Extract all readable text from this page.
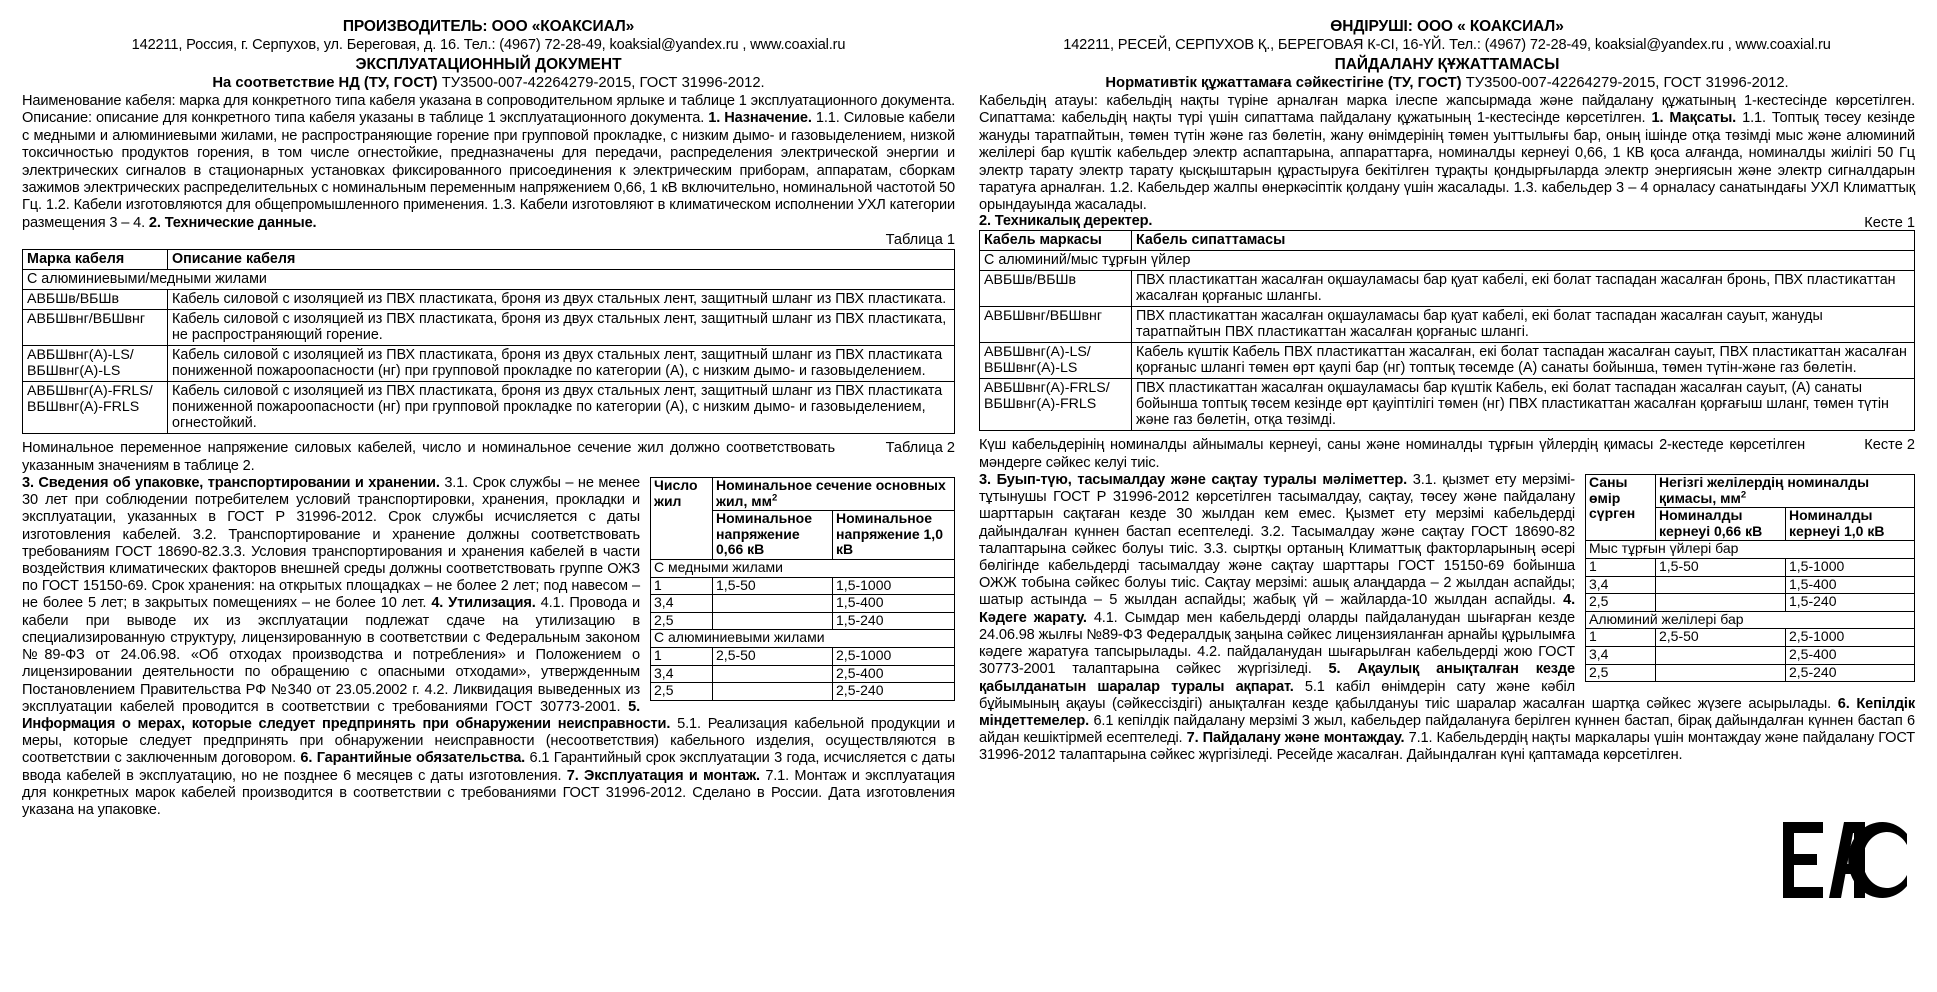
ПРОИЗВОДИТЕЛЬ: ООО «КОАКСИАЛ»
142211, Россия, г. Серпухов, ул. Береговая, д. 16. Тел.: (4967) 72-28-49, koaksial@yandex.ru , www.coaxial.ru
ЭКСПЛУАТАЦИОННЫЙ ДОКУМЕНТ
На соответствие НД (ТУ, ГОСТ) ТУ3500-007-42264279-2015, ГОСТ 31996-2012.
Наименование кабеля: марка для конкретного типа кабеля указана в сопроводительном ярлыке и таблице 1 эксплуатационного документа. Описание: описание для конкретного типа кабеля указаны в таблице 1 эксплуатационного документа. 1. Назначение. 1.1. Силовые кабели с медными и алюминиевыми жилами, не распространяющие горение при групповой прокладке, с низким дымо- и газовыделением, низкой токсичностью продуктов горения, в том числе огнестойкие, предназначены для передачи, распределения электрической энергии и электрических сигналов в стационарных установках фиксированного присоединения к электрическим приборам, аппаратам, сборкам зажимов электрических распределительных с номинальным переменным напряжением 0,66, 1 кВ включительно, номинальной частотой 50 Гц. 1.2. Кабели изготовляются для общепромышленного применения. 1.3. Кабели изготовляют в климатическом исполнении УХЛ категории размещения 3 – 4. 2. Технические данные.
Таблица 1
Марка кабеля	Описание кабеля
С алюминиевыми/медными жилами	
АВБШв/ВБШв	Кабель силовой с изоляцией из ПВХ пластиката, броня из двух стальных лент, защитный шланг из ПВХ пластиката.
АВБШвнг/ВБШвнг	Кабель силовой с изоляцией из ПВХ пластиката, броня из двух стальных лент, защитный шланг из ПВХ пластиката, не распространяющий горение.
АВБШвнг(А)-LS/ ВБШвнг(А)-LS	Кабель силовой с изоляцией из ПВХ пластиката, броня из двух стальных лент, защитный шланг из ПВХ пластиката пониженной пожароопасности (нг) при групповой прокладке по категории (А), с низким дымо- и газовыделением.
АВБШвнг(А)-FRLS/ ВБШвнг(А)-FRLS	Кабель силовой с изоляцией из ПВХ пластиката, броня из двух стальных лент, защитный шланг из ПВХ пластиката пониженной пожароопасности (нг) при групповой прокладке по категории (А), с низким дымо- и газовыделением, огнестойкий.
Таблица 2
Номинальное переменное напряжение силовых кабелей, число и номинальное сечение жил должно соответствовать указанным значениям в таблице 2.
Число жил	Номинальное сечение основных жил, $мм^2$
	Номинальное напряжение 0,66 кВ	Номинальное напряжение 1,0 кВ
С медными жилами		
1	1,5-50	1,5-1000
3,4		1,5-400
2,5		1,5-240
С алюминиевыми жилами		
1	2,5-50	2,5-1000
3,4		2,5-400
2,5		2,5-240
3. Сведения об упаковке, транспортировании и хранении. 3.1. Срок службы – не менее 30 лет при соблюдении потребителем условий транспортировки, хранения, прокладки и эксплуатации, указанных в ГОСТ Р 31996-2012. Срок службы исчисляется с даты изготовления кабелей. 3.2. Транспортирование и хранение должны соответствовать требованиям ГОСТ 18690-82.3.3. Условия транспортирования и хранения кабелей в части воздействия климатических факторов внешней среды должны соответствовать группе ОЖЗ по ГОСТ 15150-69. Срок хранения: на открытых площадках – не более 2 лет; под навесом – не более 5 лет; в закрытых помещениях – не более 10 лет. 4. Утилизация. 4.1. Провода и кабели при выводе их из эксплуатации подлежат сдаче на утилизацию в специализированную структуру, лицензированную в соответствии с Федеральным законом №89-ФЗ от 24.06.98. «Об отходах производства и потребления» и Положением о лицензировании деятельности по обращению с опасными отходами», утвержденным Постановлением Правительства РФ №340 от 23.05.2002 г. 4.2. Ликвидация выведенных из эксплуатации кабелей проводится в соответствии с требованиями ГОСТ 30773-2001. 5. Информация о мерах, которые следует предпринять при обнаружении неисправности. 5.1. Реализация кабельной продукции и меры, которые следует предпринять при обнаружении неисправности (несоответствия) кабельного изделия, осуществляются в соответствии с заключенным договором. 6. Гарантийные обязательства. 6.1 Гарантийный срок эксплуатации 3 года, исчисляется с даты ввода кабелей в эксплуатацию, но не позднее 6 месяцев с даты изготовления. 7. Эксплуатация и монтаж. 7.1. Монтаж и эксплуатация для конкретных марок кабелей производится в соответствии с требованиями ГОСТ 31996-2012. Сделано в России. Дата изготовления указана на упаковке.
ӨНДІРУШІ: ООО « КОАКСИАЛ»
142211, РЕСЕЙ, СЕРПУХОВ Қ., БЕРЕГОВАЯ К-СІ, 16-ҮЙ. Тел.: (4967) 72-28-49, koaksial@yandex.ru , www.coaxial.ru
ПАЙДАЛАНУ ҚҰЖАТТАМАСЫ
Нормативтік құжаттамаға сәйкестігіне (ТУ, ГОСТ) ТУ3500-007-42264279-2015, ГОСТ 31996-2012.
Кабельдің атауы: кабельдің нақты түріне арналған марка ілеспе жапсырмада және пайдалану құжатының 1-кестесінде көрсетілген. Сипаттама: кабельдің нақты түрі үшін сипаттама пайдалану құжатының 1-кестесінде көрсетілген. 1. Мақсаты. 1.1. Топтық төсеу кезінде жануды таратпайтын, төмен түтін және газ бөлетін, жану өнімдерінің төмен уыттылығы бар, оның ішінде отқа төзімді мыс және алюминий желілері бар күштік кабельдер электр аспаптарына, аппараттарға, номиналды кернеуі 0,66, 1 КВ қоса алғанда, номиналды жиілігі 50 Гц электр тарату электр тарату қысқыштарын құрастыруға бекітілген тұрақты қондырғыларда электр энергиясын және электр сигналдарын таратуға арналған. 1.2. Кабельдер жалпы өнеркәсіптік қолдану үшін жасалады. 1.3. кабельдер 3 – 4 орналасу санатындағы УХЛ Климаттық орындауында жасалады.
Кесте 1
2. Техникалық деректер.
Кабель маркасы	Кабель сипаттамасы
С алюминий/мыс тұрғын үйлер	
АВБШв/ВБШв	ПВХ пластикаттан жасалған оқшауламасы бар қуат кабелі, екі болат таспадан жасалған бронь, ПВХ пластикаттан жасалған қорғаныс шлангы.
АВБШвнг/ВБШвнг	ПВХ пластикаттан жасалған оқшауламасы бар қуат кабелі, екі болат таспадан жасалған сауыт, жануды таратпайтын ПВХ пластикаттан жасалған қорғаныс шлангі.
АВБШвнг(А)-LS/ ВБШвнг(А)-LS	Кабель күштік Кабель ПВХ пластикаттан жасалған, екі болат таспадан жасалған сауыт, ПВХ пластикаттан жасалған қорғаныс шлангі төмен өрт қаупі бар (нг) топтық төсемде (А) санаты бойынша, төмен түтін-және газ бөлетін.
АВБШвнг(А)-FRLS/ ВБШвнг(А)-FRLS	ПВХ пластикаттан жасалған оқшауламасы бар күштік Кабель, екі болат таспадан жасалған сауыт, (А) санаты бойынша топтық төсем кезінде өрт қауіптілігі төмен (нг) ПВХ пластикаттан жасалған қорғағыш шланг, төмен түтін және газ бөлетін, отқа төзімді.
Кесте 2
Күш кабельдерінің номиналды айнымалы кернеуі, саны және номиналды тұрғын үйлердің қимасы 2-кестеде көрсетілген мәндерге сәйкес келуі тиіс.
Саны өмір сүрген	Негізгі желілердің номиналды қимасы, $мм^2$
	Номиналды кернеуі 0,66 кВ	Номиналды кернеуі 1,0 кВ
Мыс тұрғын үйлері бар		
1	1,5-50	1,5-1000
3,4		1,5-400
2,5		1,5-240
Алюминий желілері бар		
1	2,5-50	2,5-1000
3,4		2,5-400
2,5		2,5-240
3. Буып-түю, тасымалдау және сақтау туралы мәліметтер. 3.1. қызмет ету мерзімі-тұтынушы ГОСТ Р 31996-2012 көрсетілген тасымалдау, сақтау, төсеу және пайдалану шарттарын сақтаған кезде 30 жылдан кем емес. Қызмет ету мерзімі кабельдерді дайындалған күннен бастап есептеледі. 3.2. Тасымалдау және сақтау ГОСТ 18690-82 талаптарына сәйкес болуы тиіс. 3.3. сыртқы ортаның Климаттық факторларының әсері бөлігінде кабельдерді тасымалдау және сақтау шарттары ГОСТ 15150-69 бойынша ОЖЖ тобына сәйкес болуы тиіс. Сақтау мерзімі: ашық алаңдарда – 2 жылдан аспайды; шатыр астында – 5 жылдан аспайды; жабық үй – жайларда-10 жылдан аспайды. 4. Кәдеге жарату. 4.1. Сымдар мен кабельдерді оларды пайдаланудан шығарған кезде 24.06.98 жылғы №89-ФЗ Федералдық заңына сәйкес лицензияланған арнайы құрылымға кәдеге жаратуға тапсырылады. 4.2. пайдаланудан шығарылған кабельдерді жою ГОСТ 30773-2001 талаптарына сәйкес жүргізіледі. 5. Ақаулық анықталған кезде қабылданатын шаралар туралы ақпарат. 5.1 кабіл өнімдерін сату және кәбіл бұйымының ақауы (сәйкессіздігі) анықталған кезде қабылдануы тиіс шаралар жасалған шартқа сәйкес жүзеге асырылады. 6. Кепілдік міндеттемелер. 6.1 кепілдік пайдалану мерзімі 3 жыл, кабельдер пайдалануға берілген күннен бастап, бірақ дайындалған күннен бастап 6 айдан кешіктірмей есептеледі. 7. Пайдалану және монтаждау. 7.1. Кабельдердің нақты маркалары үшін монтаждау және пайдалану ГОСТ 31996-2012 талаптарына сәйкес жүргізіледі. Ресейде жасалған. Дайындалған күні қаптамада көрсетілген.
